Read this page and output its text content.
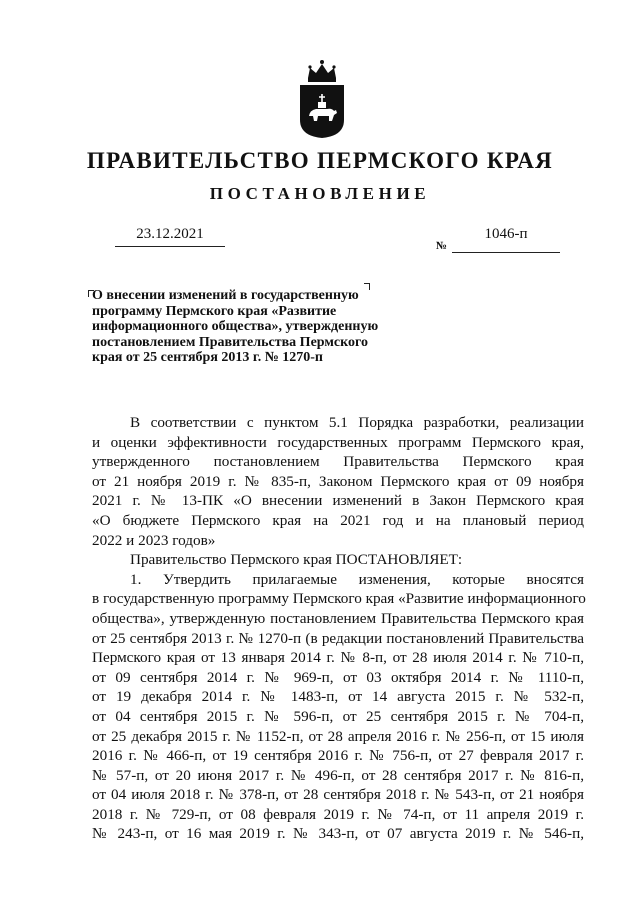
ПРАВИТЕЛЬСТВО ПЕРМСКОГО КРАЯ
ПОСТАНОВЛЕНИЕ
23.12.2021
№
1046-п

О внесении изменений в государственную

программу Пермского края «Развитие

информационного общества», утвержденную

постановлением Правительства Пермского

края от 25 сентября 2013 г. № 1270-п

В соответствии с пунктом 5.1 Порядка разработки, реализации

и оценки эффективности государственных программ Пермского края,

утвержденного постановлением Правительства Пермского края

от 21 ноября 2019 г. № 835-п, Законом Пермского края от 09 ноября

2021 г. № 13-ПК «О внесении изменений в Закон Пермского края

«О бюджете Пермского края на 2021 год и на плановый период

2022 и 2023 годов»

Правительство Пермского края ПОСТАНОВЛЯЕТ:

1. Утвердить прилагаемые изменения, которые вносятся

в государственную программу Пермского края «Развитие информационного

общества», утвержденную постановлением Правительства Пермского края

от 25 сентября 2013 г. № 1270-п (в редакции постановлений Правительства

Пермского края от 13 января 2014 г. № 8-п, от 28 июля 2014 г. № 710-п,

от 09 сентября 2014 г. № 969-п, от 03 октября 2014 г. № 1110-п,

от 19 декабря 2014 г. № 1483-п, от 14 августа 2015 г. № 532-п,

от 04 сентября 2015 г. № 596-п, от 25 сентября 2015 г. № 704-п,

от 25 декабря 2015 г. № 1152-п, от 28 апреля 2016 г. № 256-п, от 15 июля

2016 г. № 466-п, от 19 сентября 2016 г. № 756-п, от 27 февраля 2017 г.

№ 57-п, от 20 июня 2017 г. № 496-п, от 28 сентября 2017 г. № 816-п,

от 04 июля 2018 г. № 378-п, от 28 сентября 2018 г. № 543-п, от 21 ноября

2018 г. № 729-п, от 08 февраля 2019 г. № 74-п, от 11 апреля 2019 г.

№ 243-п, от 16 мая 2019 г. № 343-п, от 07 августа 2019 г. № 546-п,
